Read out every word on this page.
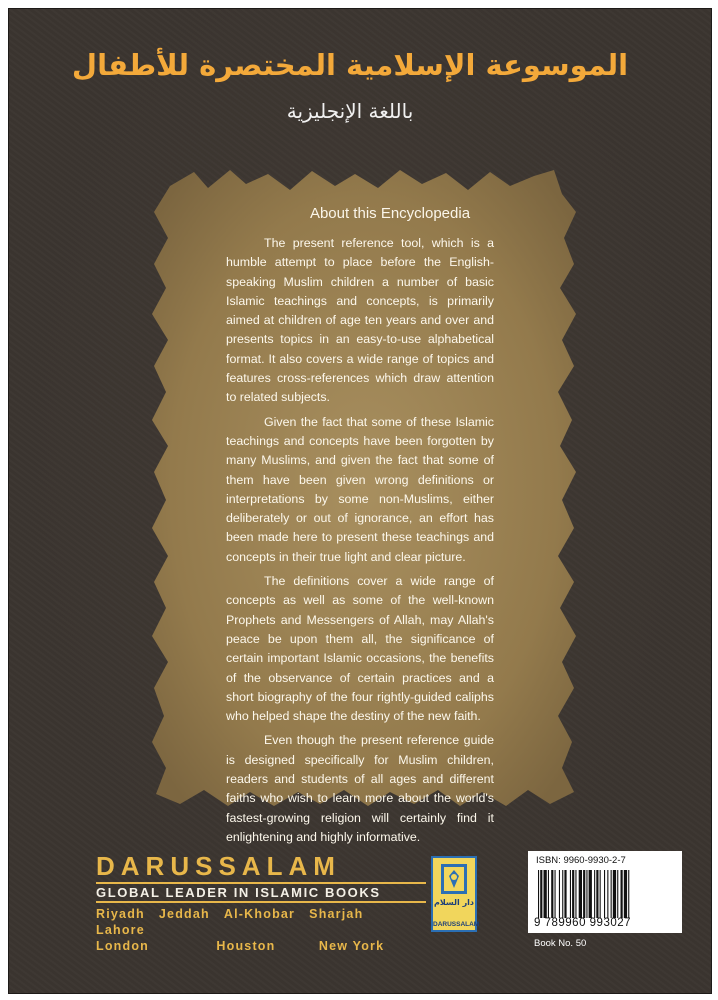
الموسوعة الإسلامية المختصرة للأطفال
باللغة الإنجليزية
About this Encyclopedia

The present reference tool, which is a humble attempt to place before the English-speaking Muslim children a number of basic Islamic teachings and concepts, is primarily aimed at children of age ten years and over and presents topics in an easy-to-use alphabetical format. It also covers a wide range of topics and features cross-references which draw attention to related subjects.

Given the fact that some of these Islamic teachings and concepts have been forgotten by many Muslims, and given the fact that some of them have been given wrong definitions or interpretations by some non-Muslims, either deliberately or out of ignorance, an effort has been made here to present these teachings and concepts in their true light and clear picture.

The definitions cover a wide range of concepts as well as some of the well-known Prophets and Messengers of Allah, may Allah's peace be upon them all, the significance of certain important Islamic occasions, the benefits of the observance of certain practices and a short biography of the four rightly-guided caliphs who helped shape the destiny of the new faith.

Even though the present reference guide is designed specifically for Muslim children, readers and students of all ages and different faiths who wish to learn more about the world's fastest-growing religion will certainly find it enlightening and highly informative.

DARUSSALAM
GLOBAL LEADER IN ISLAMIC BOOKS
Riyadh Jeddah Al-Khobar Sharjah   Lahore
London	Houston	New York
دار السلام
DARUSSALAM
ISBN: 9960-9930-2-7
9 789960 993027
Book No. 50
